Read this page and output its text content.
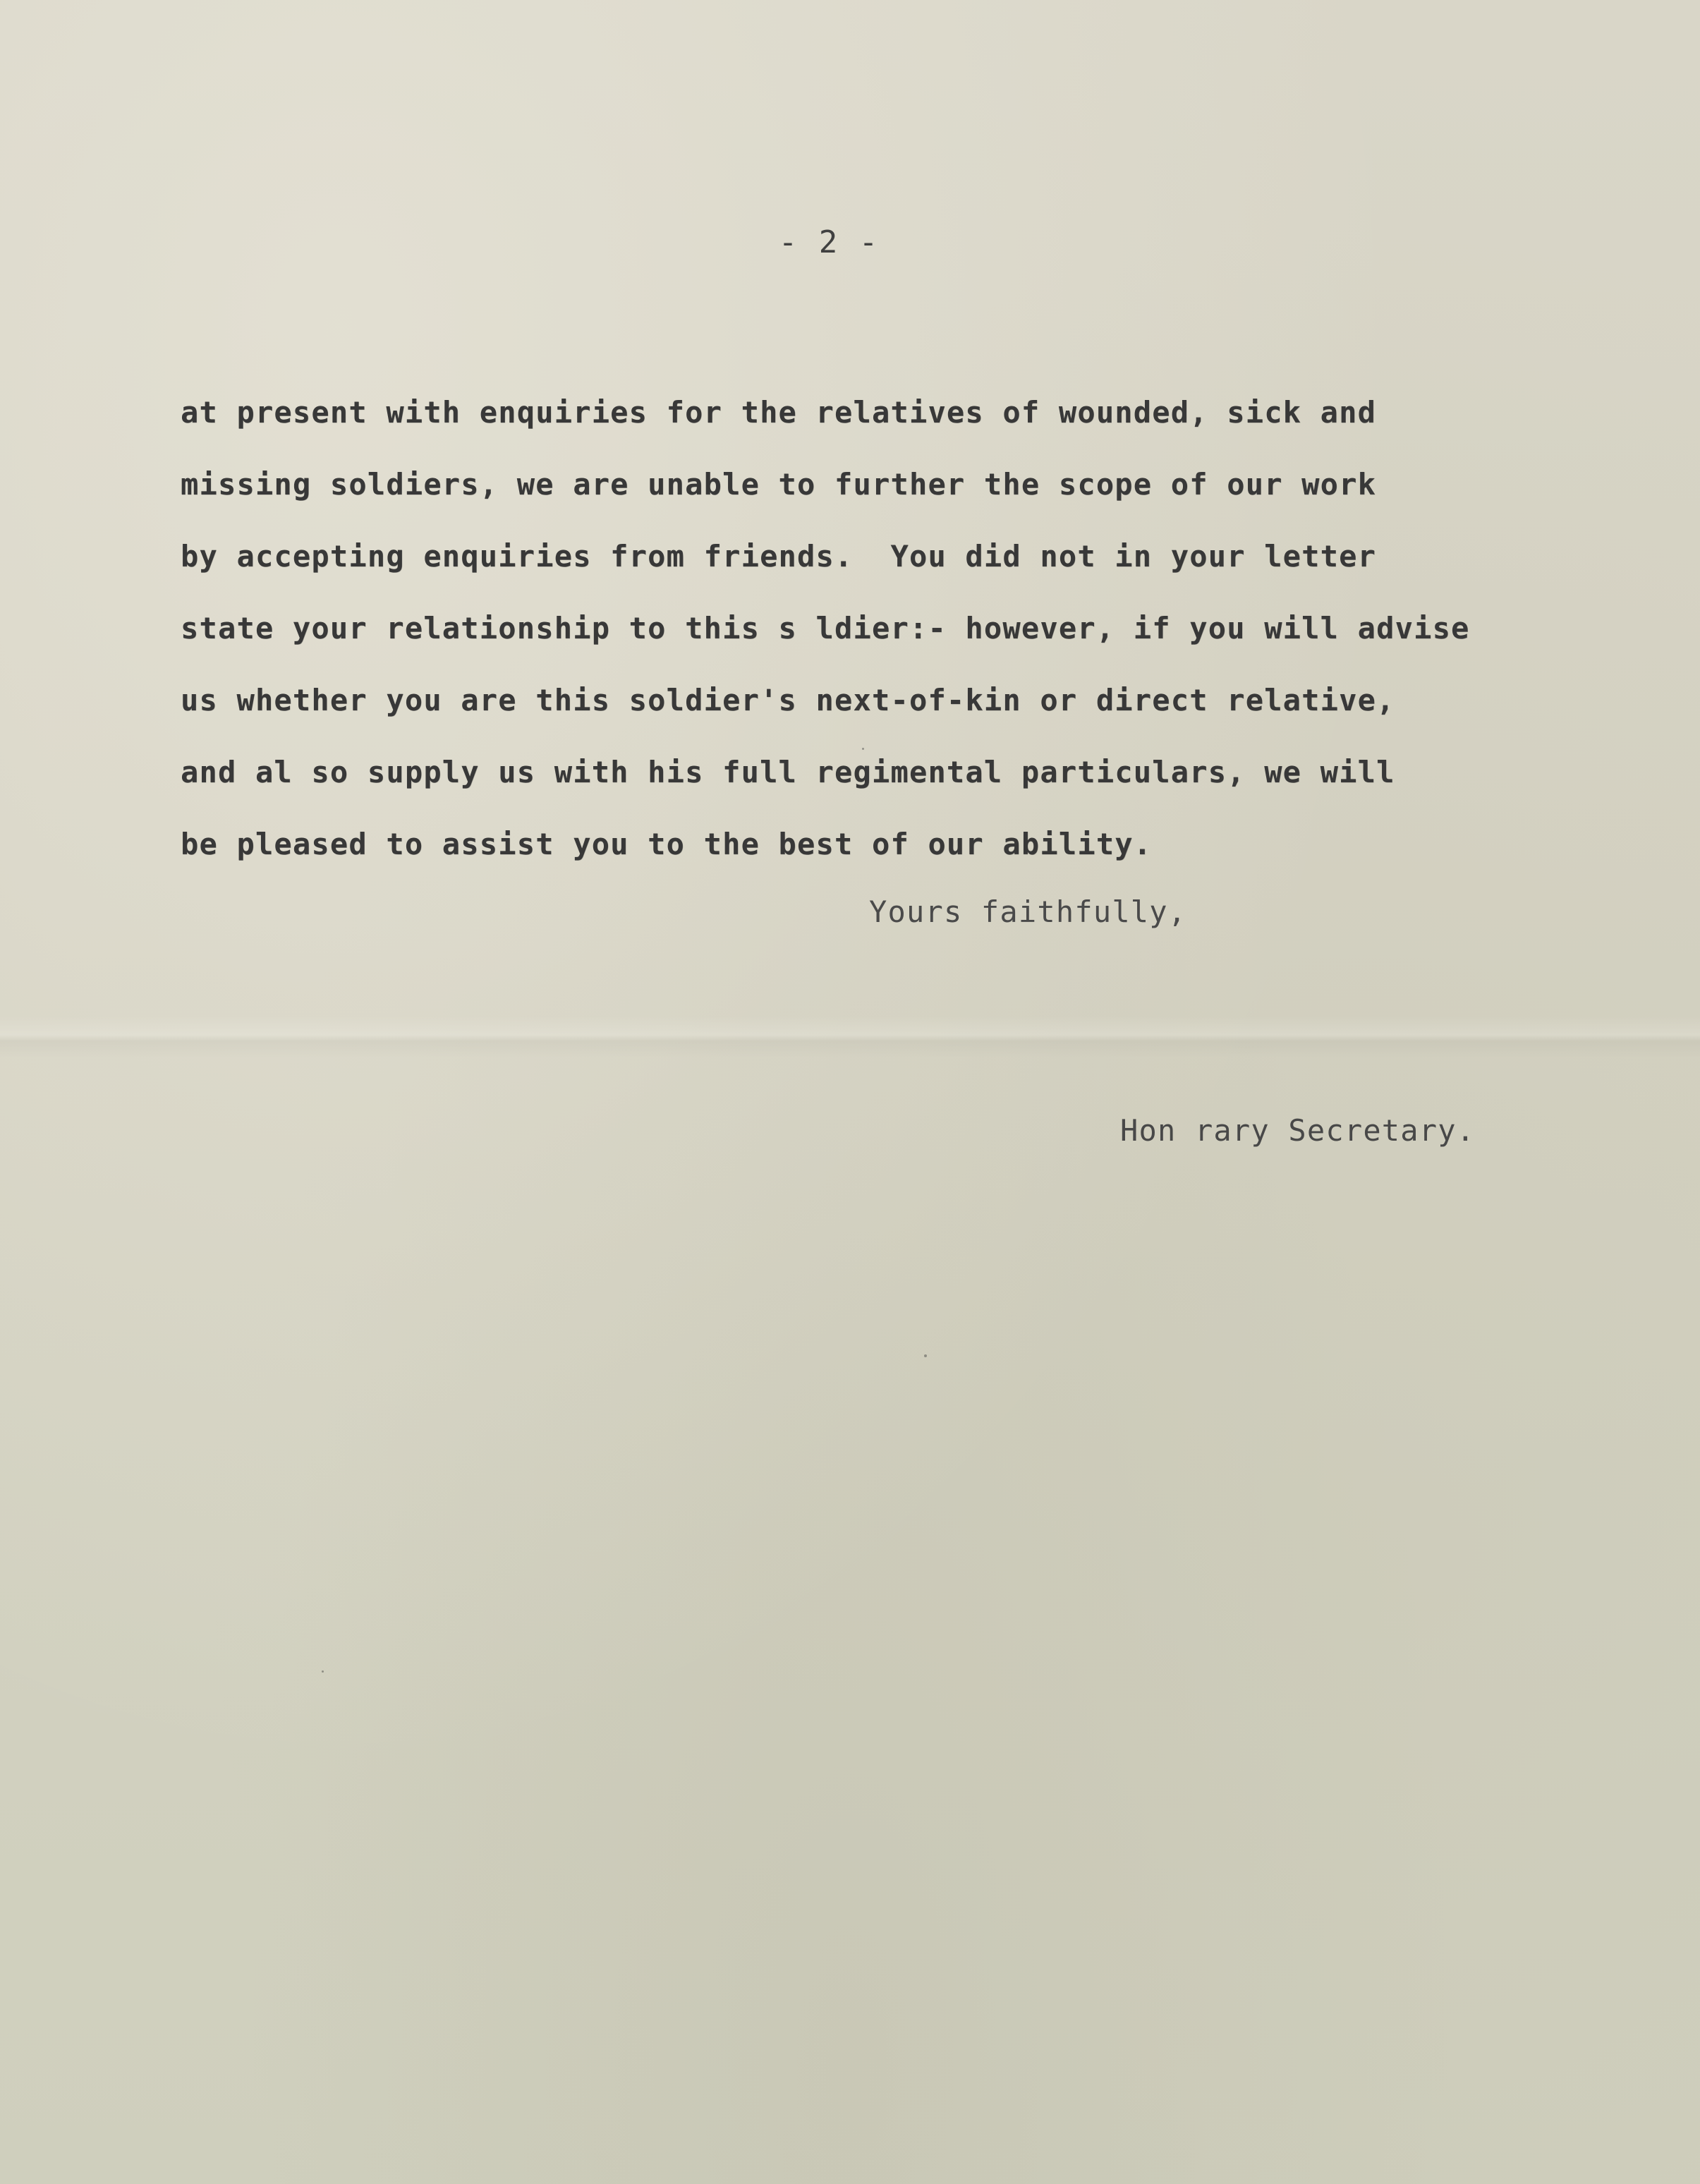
- 2 -
at present with enquiries for the relatives of wounded, sick and
missing soldiers, we are unable to further the scope of our work
by accepting enquiries from friends.  You did not in your letter
state your relationship to this s ldier:- however, if you will advise
us whether you are this soldier's next-of-kin or direct relative,
and al so supply us with his full regimental particulars, we will
be pleased to assist you to the best of our ability.
Yours faithfully,
Hon rary Secretary.
